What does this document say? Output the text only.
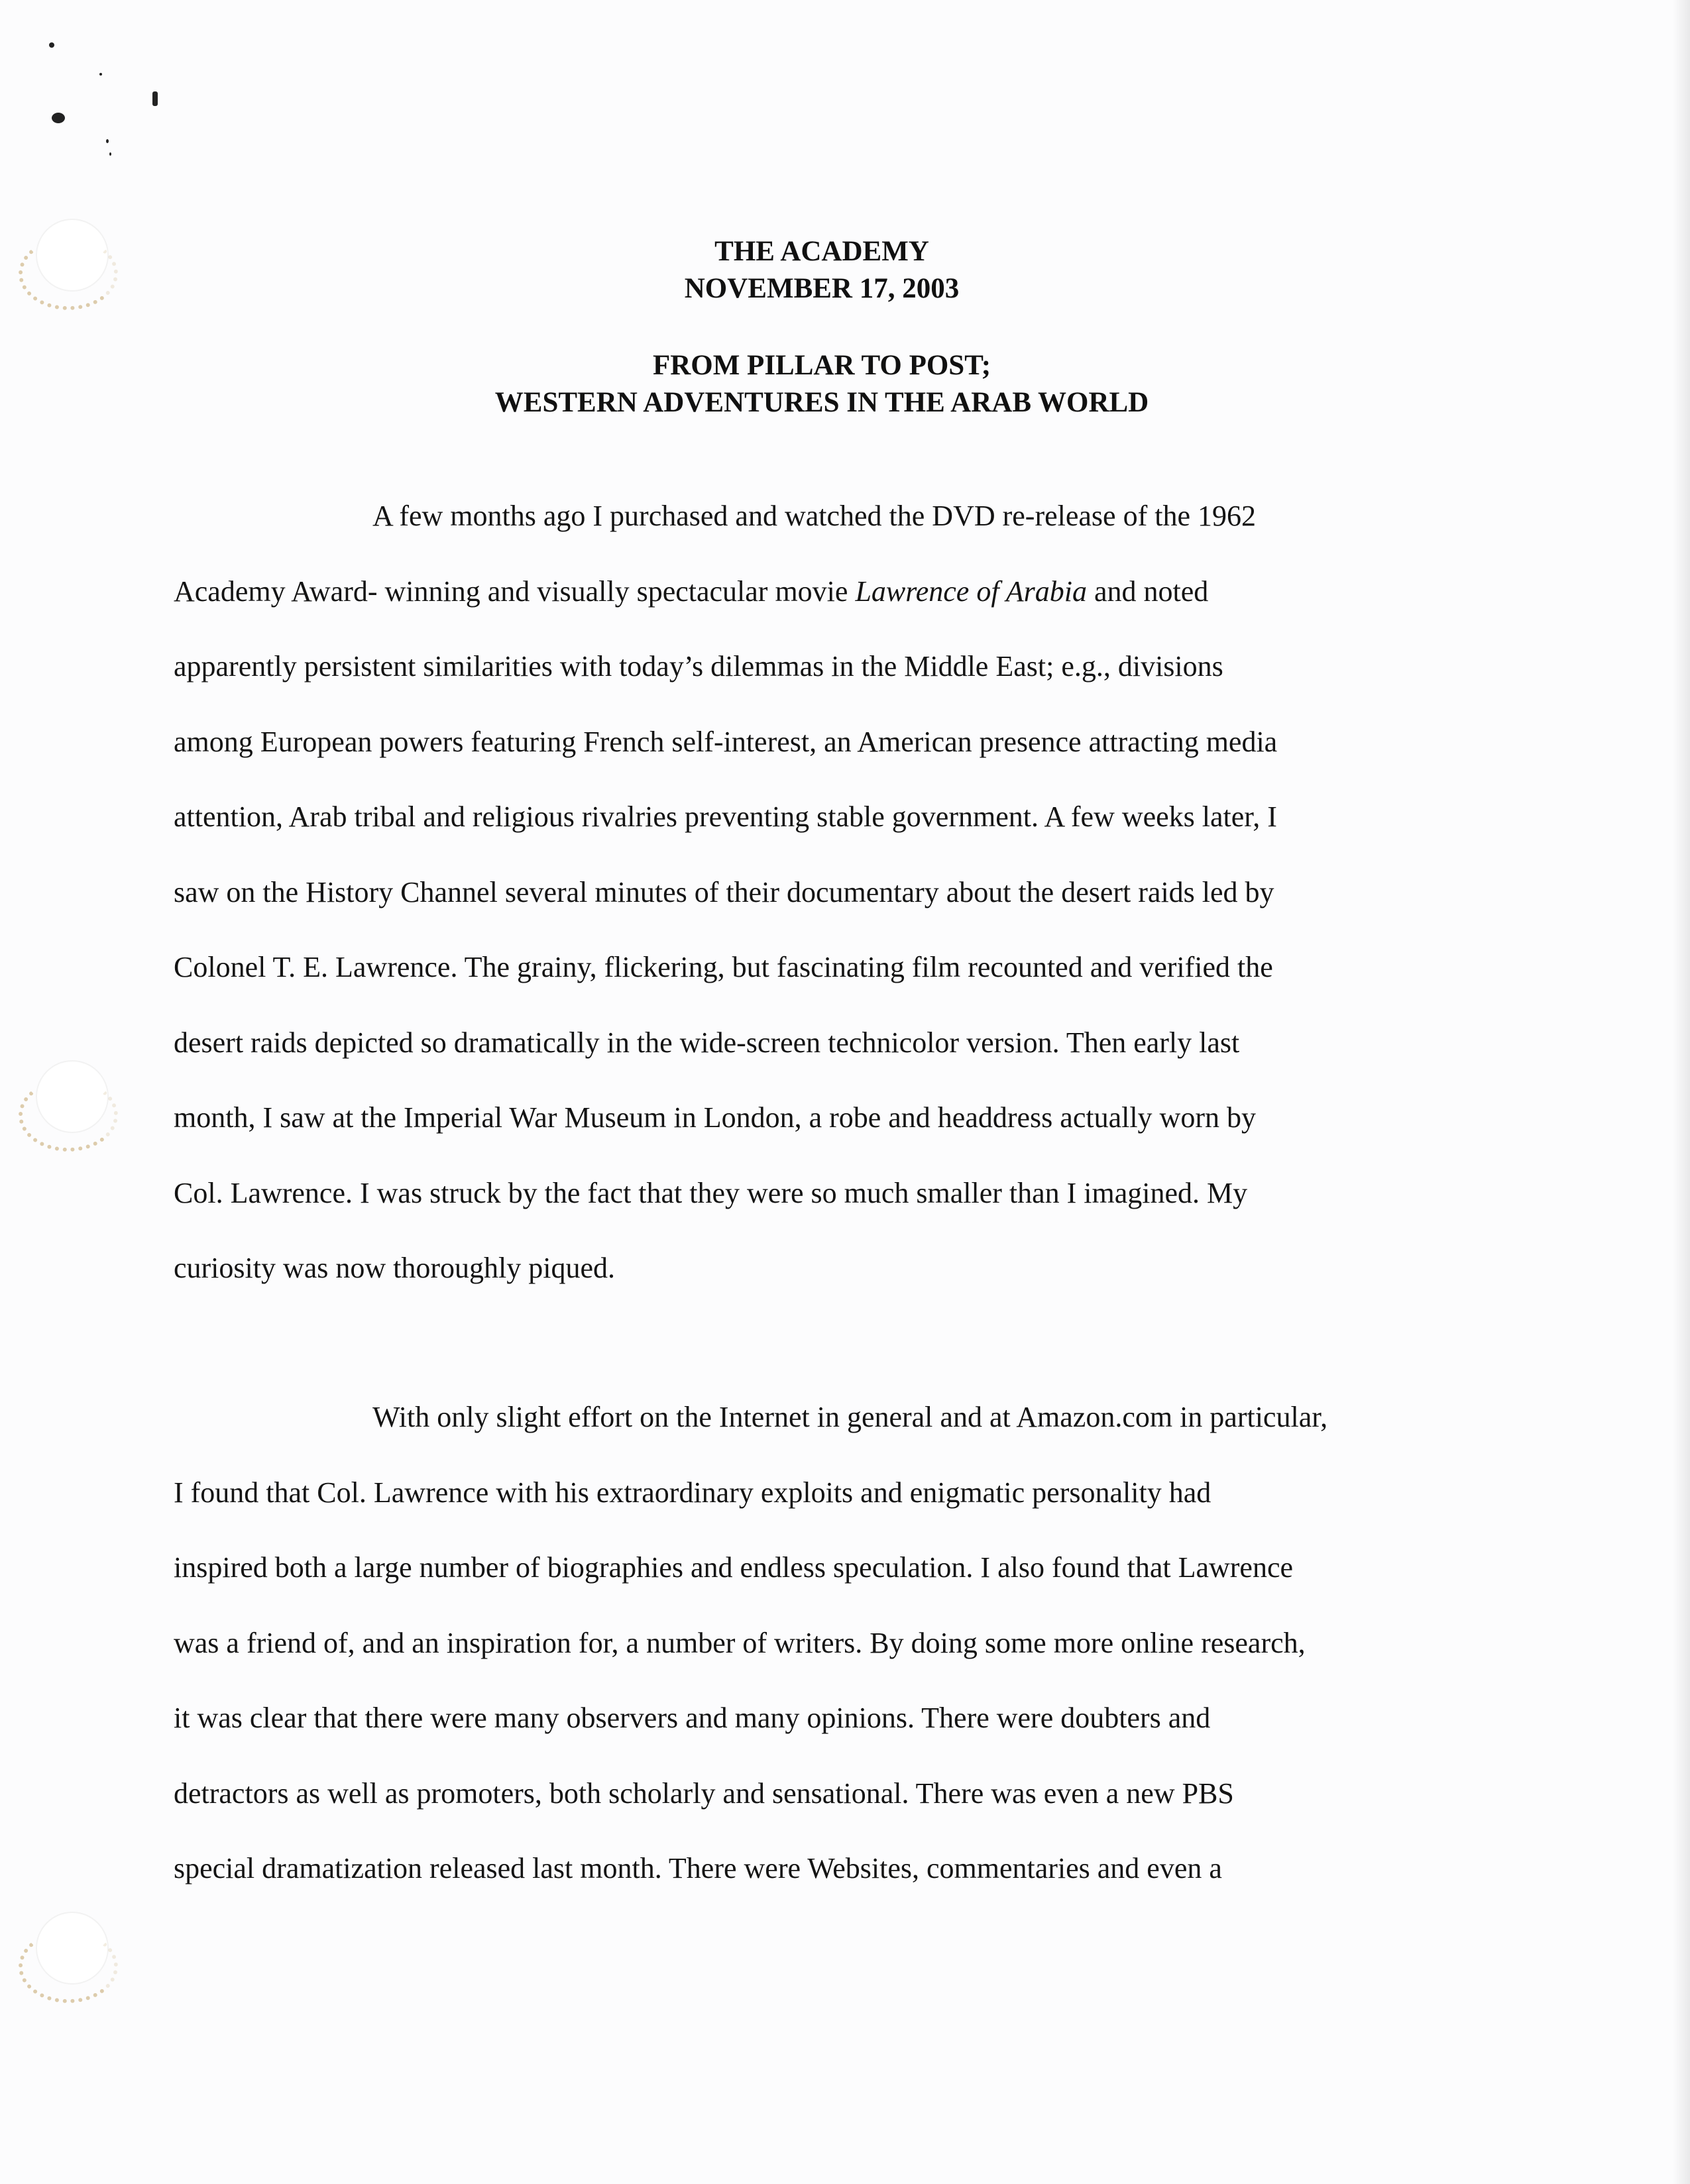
THE ACADEMY
NOVEMBER 17, 2003
FROM PILLAR TO POST;
WESTERN ADVENTURES IN THE ARAB WORLD
A few months ago I purchased and watched the DVD re-release of the 1962
Academy Award- winning and visually spectacular movie Lawrence of Arabia and noted
apparently persistent similarities with today’s dilemmas in the Middle East; e.g., divisions
among European powers featuring French self-interest, an American presence attracting media
attention, Arab tribal and religious rivalries preventing stable government. A few weeks later, I
saw on the History Channel several minutes of their documentary about the desert raids led by
Colonel T. E. Lawrence. The grainy, flickering, but fascinating film recounted and verified the
desert raids depicted so dramatically in the wide-screen technicolor version. Then early last
month, I saw at the Imperial War Museum in London, a robe and headdress actually worn by
Col. Lawrence. I was struck by the fact that they were so much smaller than I imagined. My
curiosity was now thoroughly piqued.
With only slight effort on the Internet in general and at Amazon.com in particular,
I found that Col. Lawrence with his extraordinary exploits and enigmatic personality had
inspired both a large number of biographies and endless speculation. I also found that Lawrence
was a friend of, and an inspiration for, a number of writers. By doing some more online research,
it was clear that there were many observers and many opinions. There were doubters and
detractors as well as promoters, both scholarly and sensational. There was even a new PBS
special dramatization released last month. There were Websites, commentaries and even a
